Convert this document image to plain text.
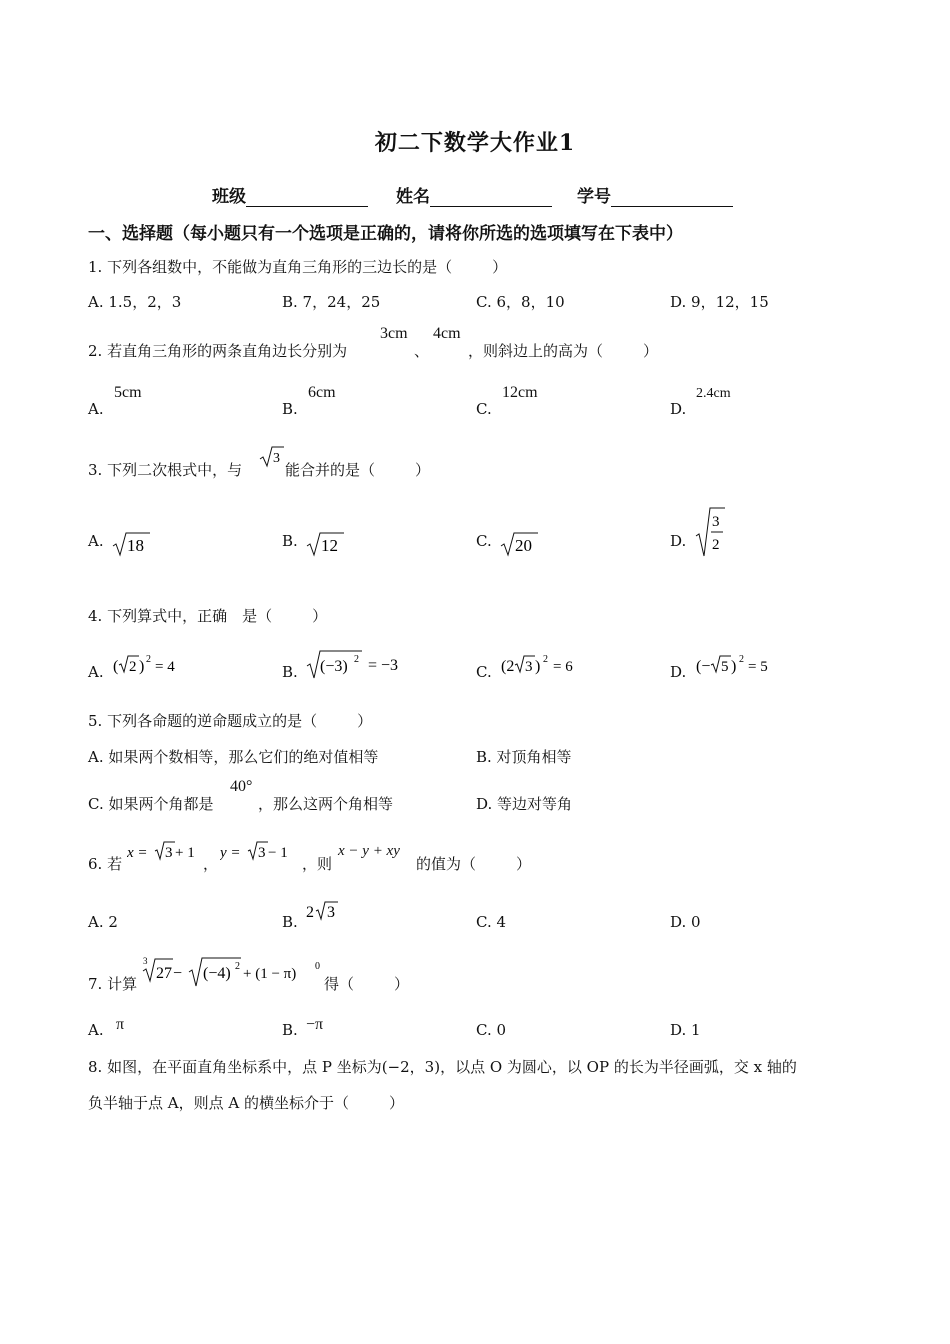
初二下数学大作业1
班级	姓名	学号
一、选择题（每小题只有一个选项是正确的，请将你所选的选项填写在下表中）
1. 下列各组数中，不能做为直角三角形的三边长的是（	）
A. 1.5，2，3	B. 7，24，25	C. 6，8，10	D. 9，12，15
2. 若直角三角形的两条直角边长分别为
3cm
、
4cm
，则斜边上的高为（	）
A.
5cm
B.
6cm
C.
12cm
D.
2.4cm
3. 下列二次根式中，与
3
能合并的是（	）
A. 18	B. 12	C. 20	D.
3
2
4. 下列算式中，正确　是（	）
A. ( 2 ) 2 = 4	B. (−3) 2 = −3	C. (2 3 ) 2 = 6	D. (− 5 ) 2 = 5
5. 下列各命题的逆命题成立的是（	）
A. 如果两个数相等，那么它们的绝对值相等	B. 对顶角相等
C. 如果两个角都是
40°
，那么这两个角相等	D. 等边对等角
6. 若
x = 3 + 1
，
y = 3 − 1
，则
x − y + xy
的值为（	）
A. 2	B.
2 3
C. 4	D. 0
7. 计算
3
27 − (−4) 2 + (1 − π) 0
得（	）
A. π	B. −π	C. 0	D. 1
8. 如图，在平面直角坐标系中，点 P 坐标为(−2，3)，以点 O 为圆心，以 OP 的长为半径画弧，交 x 轴的
负半轴于点 A，则点 A 的横坐标介于（	）
